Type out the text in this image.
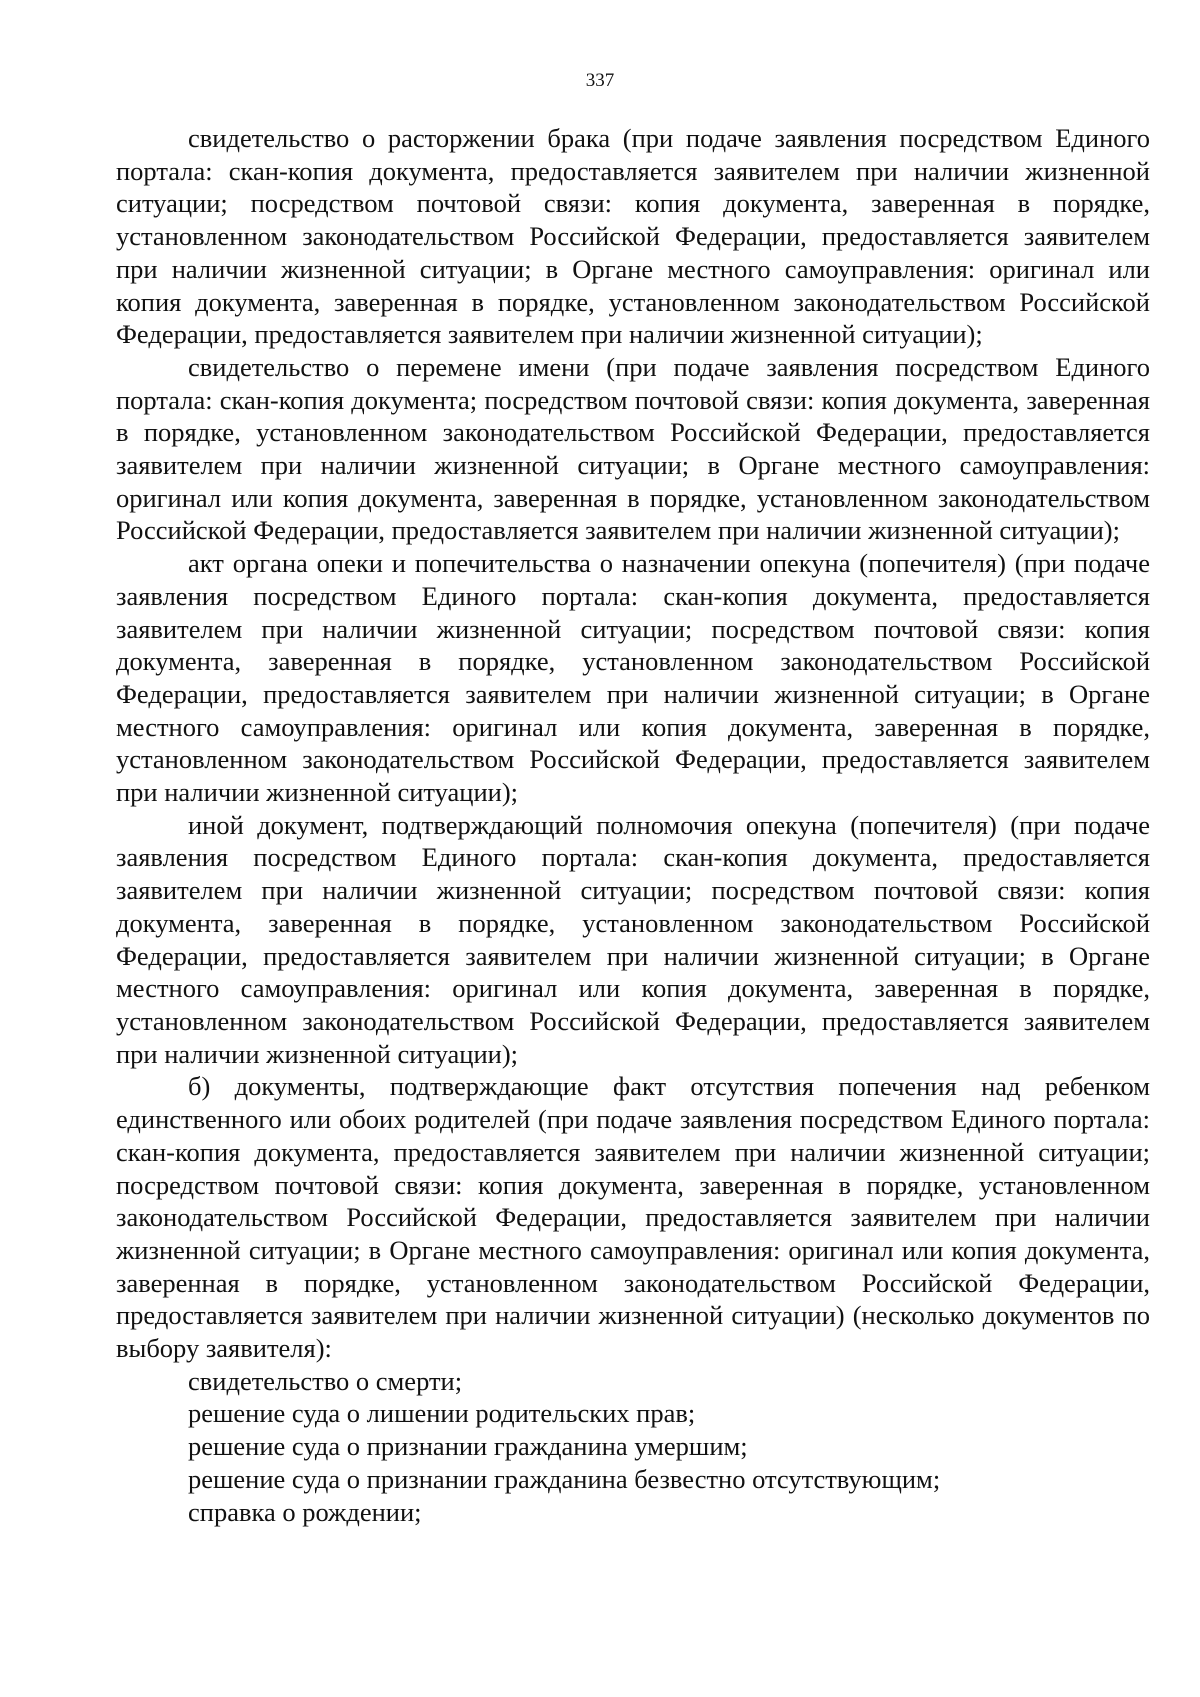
337

свидетельство о расторжении брака (при подаче заявления посредством Единого портала: скан-копия документа, предоставляется заявителем при наличии жизненной ситуации; посредством почтовой связи: копия документа, заверенная в порядке, установленном законодательством Российской Федерации, предоставляется заявителем при наличии жизненной ситуации; в Органе местного самоуправления: оригинал или копия документа, заверенная в порядке, установленном законодательством Российской Федерации, предоставляется заявителем при наличии жизненной ситуации);

свидетельство о перемене имени (при подаче заявления посредством Единого портала: скан-копия документа; посредством почтовой связи: копия документа, заверенная в порядке, установленном законодательством Российской Федерации, предоставляется заявителем при наличии жизненной ситуации; в Органе местного самоуправления: оригинал или копия документа, заверенная в порядке, установленном законодательством Российской Федерации, предоставляется заявителем при наличии жизненной ситуации);

акт органа опеки и попечительства о назначении опекуна (попечителя) (при подаче заявления посредством Единого портала: скан-копия документа, предоставляется заявителем при наличии жизненной ситуации; посредством почтовой связи: копия документа, заверенная в порядке, установленном законодательством Российской Федерации, предоставляется заявителем при наличии жизненной ситуации; в Органе местного самоуправления: оригинал или копия документа, заверенная в порядке, установленном законодательством Российской Федерации, предоставляется заявителем при наличии жизненной ситуации);

иной документ, подтверждающий полномочия опекуна (попечителя) (при подаче заявления посредством Единого портала: скан-копия документа, предоставляется заявителем при наличии жизненной ситуации; посредством почтовой связи: копия документа, заверенная в порядке, установленном законодательством Российской Федерации, предоставляется заявителем при наличии жизненной ситуации; в Органе местного самоуправления: оригинал или копия документа, заверенная в порядке, установленном законодательством Российской Федерации, предоставляется заявителем при наличии жизненной ситуации);

б) документы, подтверждающие факт отсутствия попечения над ребенком единственного или обоих родителей (при подаче заявления посредством Единого портала: скан-копия документа, предоставляется заявителем при наличии жизненной ситуации; посредством почтовой связи: копия документа, заверенная в порядке, установленном законодательством Российской Федерации, предоставляется заявителем при наличии жизненной ситуации; в Органе местного самоуправления: оригинал или копия документа, заверенная в порядке, установленном законодательством Российской Федерации, предоставляется заявителем при наличии жизненной ситуации) (несколько документов по выбору заявителя):

свидетельство о смерти;

решение суда о лишении родительских прав;

решение суда о признании гражданина умершим;

решение суда о признании гражданина безвестно отсутствующим;

справка о рождении;
